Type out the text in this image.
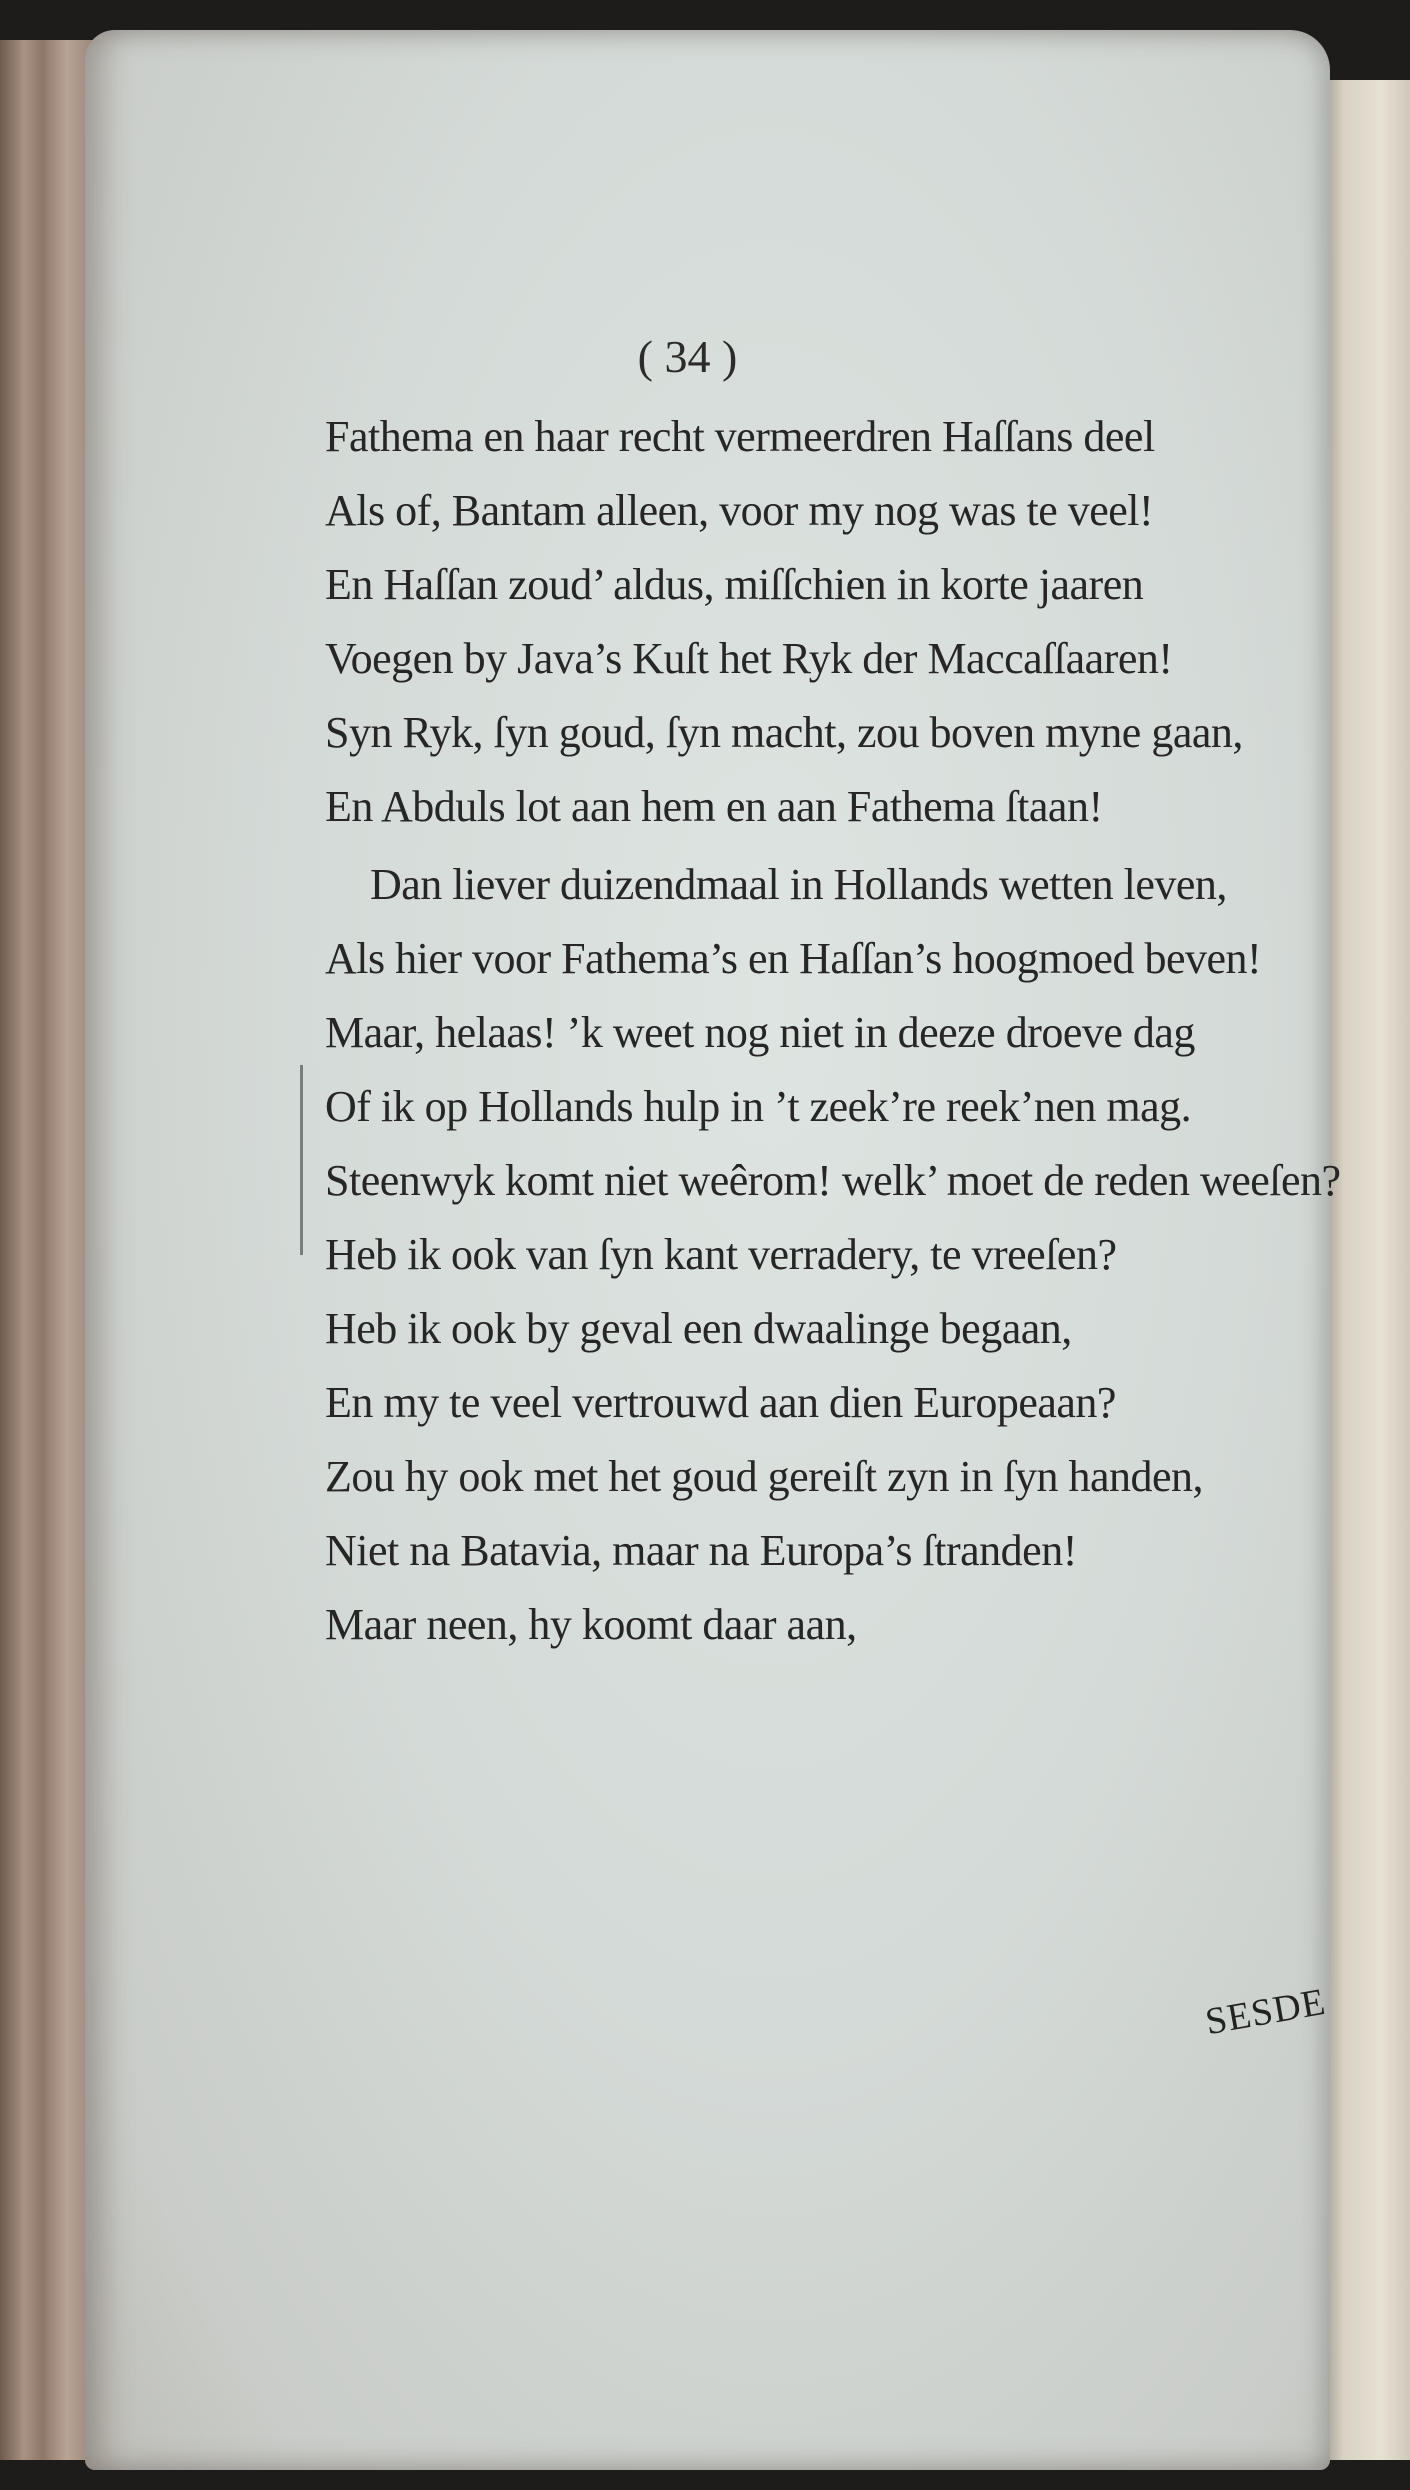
( 34 )
Fathema en haar recht vermeerdren Haſſans deel
Als of, Bantam alleen, voor my nog was te veel!
En Haſſan zoud’ aldus, miſſchien in korte jaaren
Voegen by Java’s Kuſt het Ryk der Maccaſſaaren!
Syn Ryk, ſyn goud, ſyn macht, zou boven myne gaan,
En Abduls lot aan hem en aan Fathema ſtaan!
Dan liever duizendmaal in Hollands wetten leven,
Als hier voor Fathema’s en Haſſan’s hoogmoed beven!
Maar, helaas! ’k weet nog niet in deeze droeve dag
Of ik op Hollands hulp in ’t zeek’re reek’nen mag.
Steenwyk komt niet weêrom! welk’ moet de reden weeſen?
Heb ik ook van ſyn kant verradery, te vreeſen?
Heb ik ook by geval een dwaalinge begaan,
En my te veel vertrouwd aan dien Europeaan?
Zou hy ook met het goud gereiſt zyn in ſyn handen,
Niet na Batavia, maar na Europa’s ſtranden!
Maar neen, hy koomt daar aan,
SESDE
